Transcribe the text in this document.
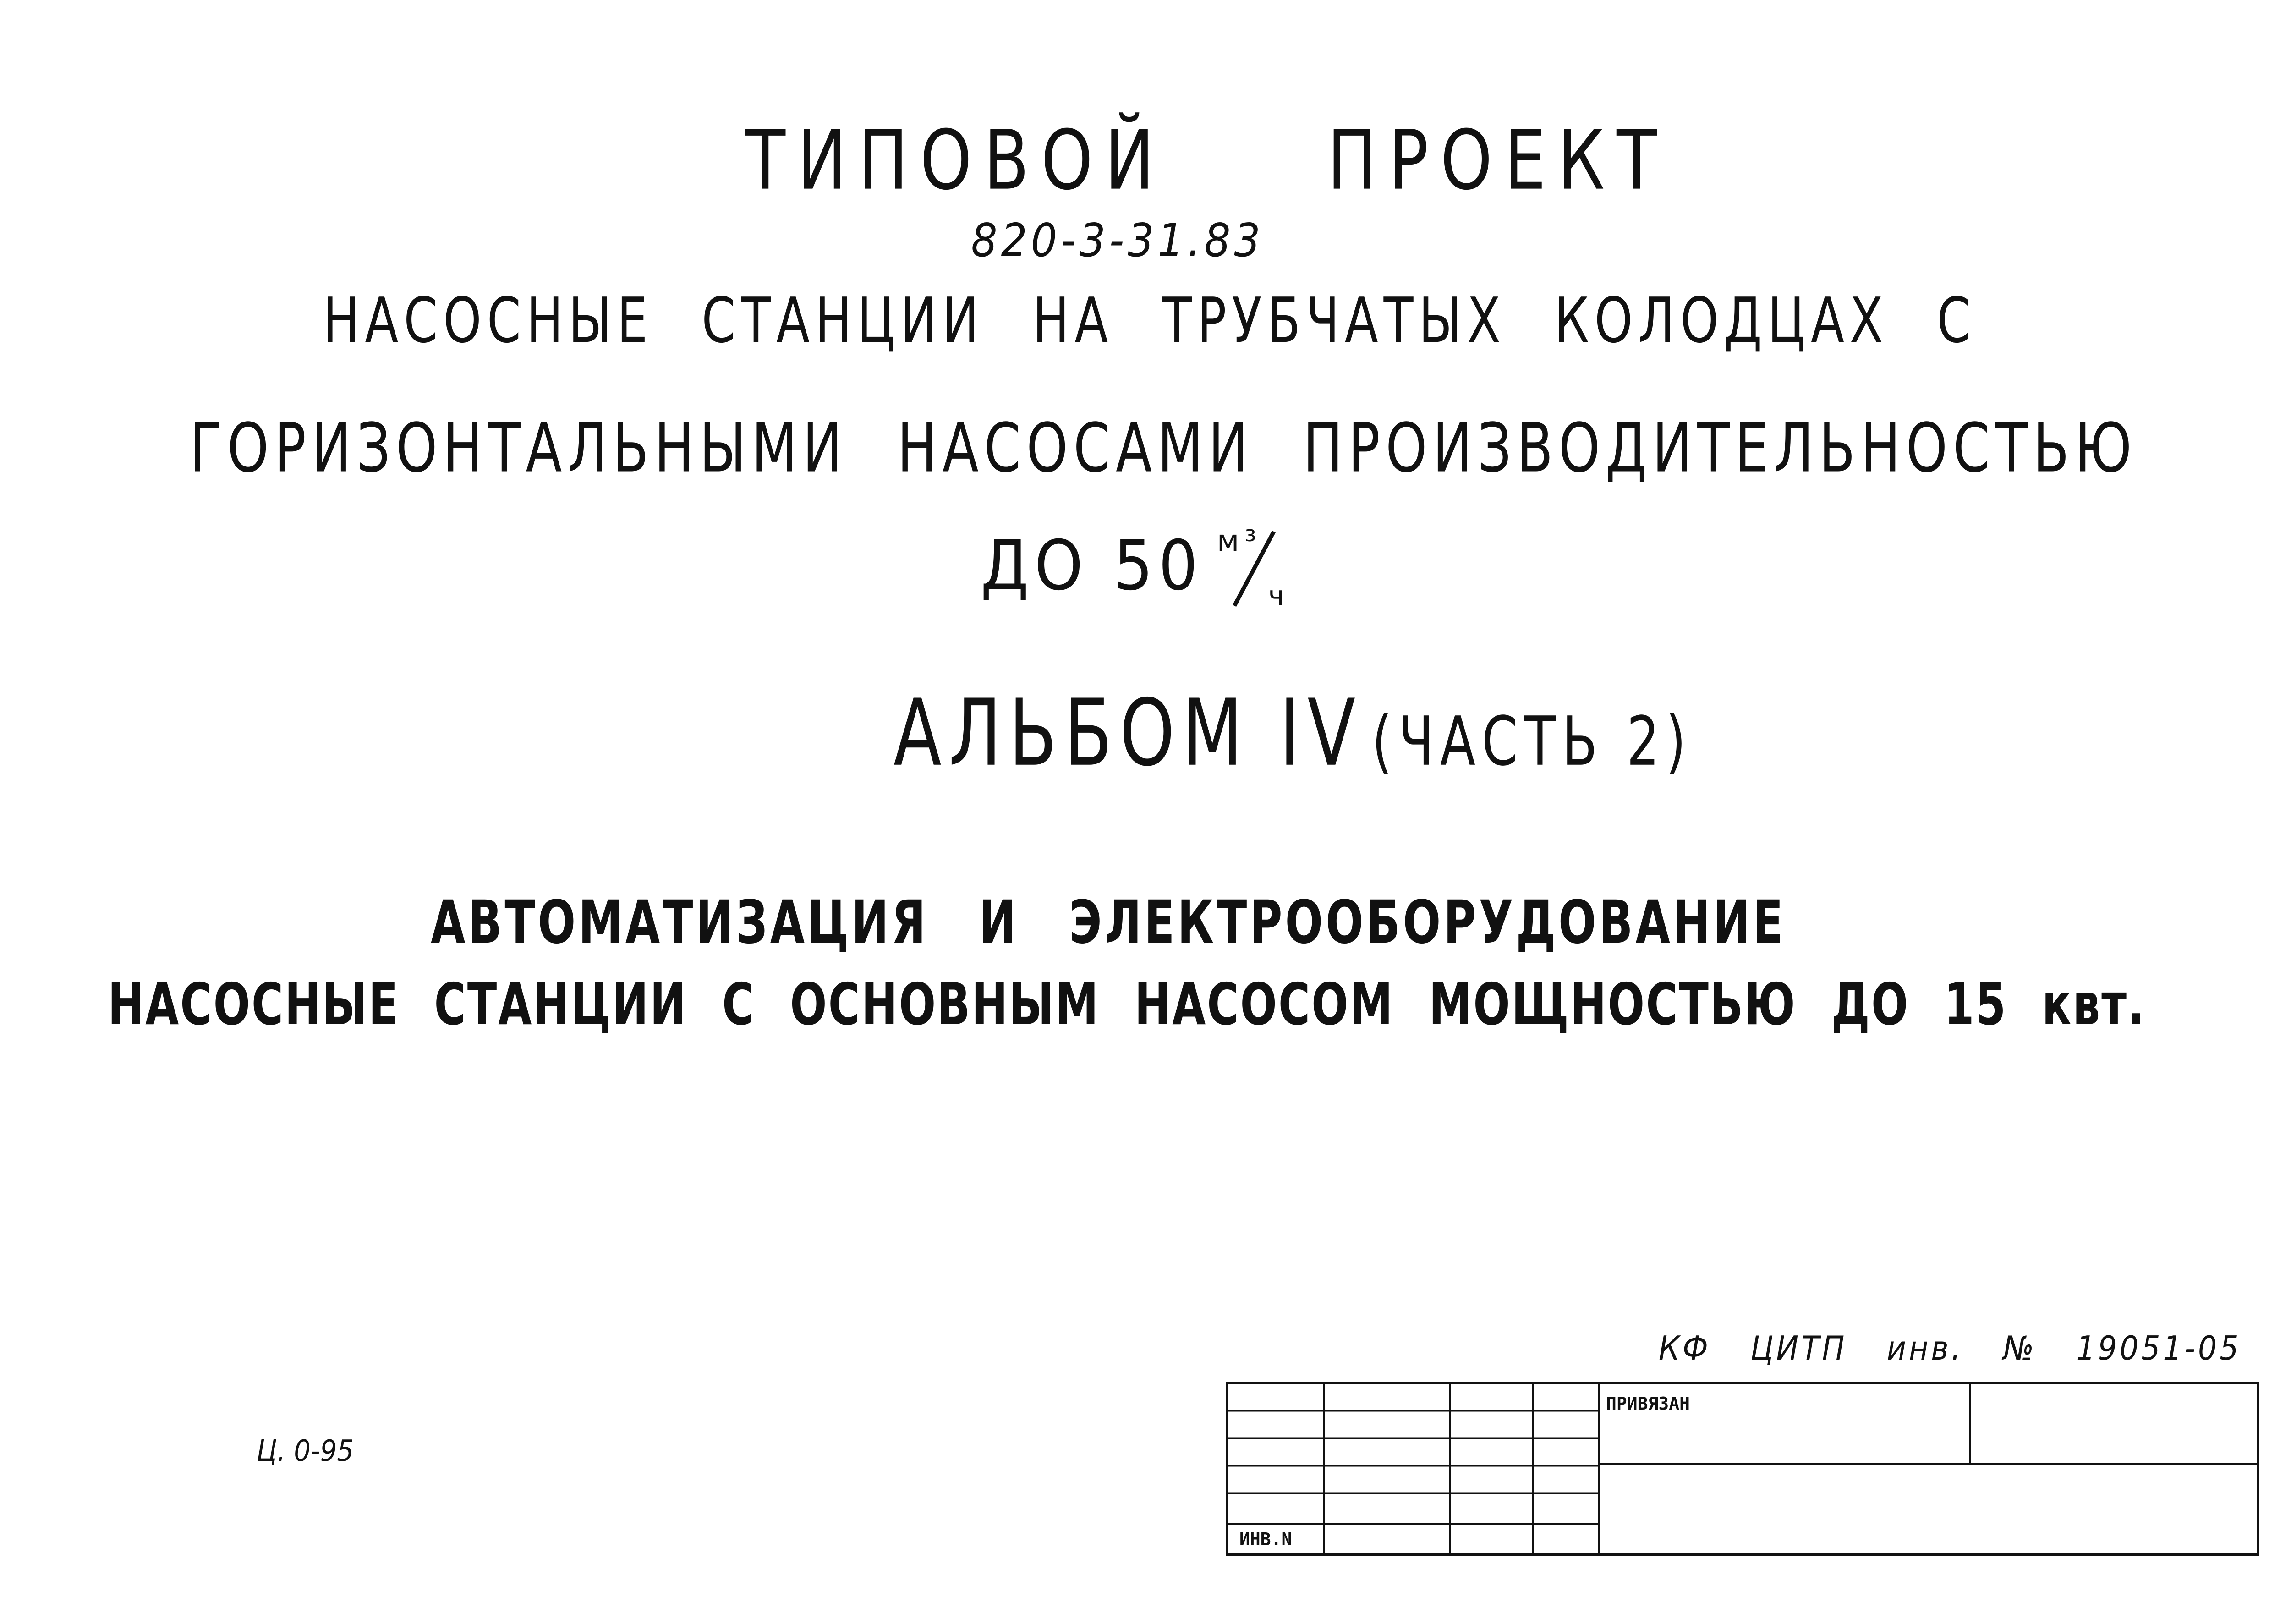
ТИПОВОЙ ПРОЕКТ
820-3-31.83
НАСОСНЫЕ СТАНЦИИ НА ТРУБЧАТЫХ КОЛОДЦАХ С
ГОРИЗОНТАЛЬНЫМИ НАСОСАМИ ПРОИЗВОДИТЕЛЬНОСТЬЮ
ДО 50 м³
ч
АЛЬБОМ IV (ЧАСТЬ 2)
АВТОМАТИЗАЦИЯ И ЭЛЕКТРООБОРУДОВАНИЕ
НАСОСНЫЕ СТАНЦИИ С ОСНОВНЫМ НАСОСОМ МОЩНОСТЬЮ ДО 15 квт.
КФ ЦИТП инв. № 19051-05
Ц. 0-95
ПРИВЯЗАН
ИНВ.N
